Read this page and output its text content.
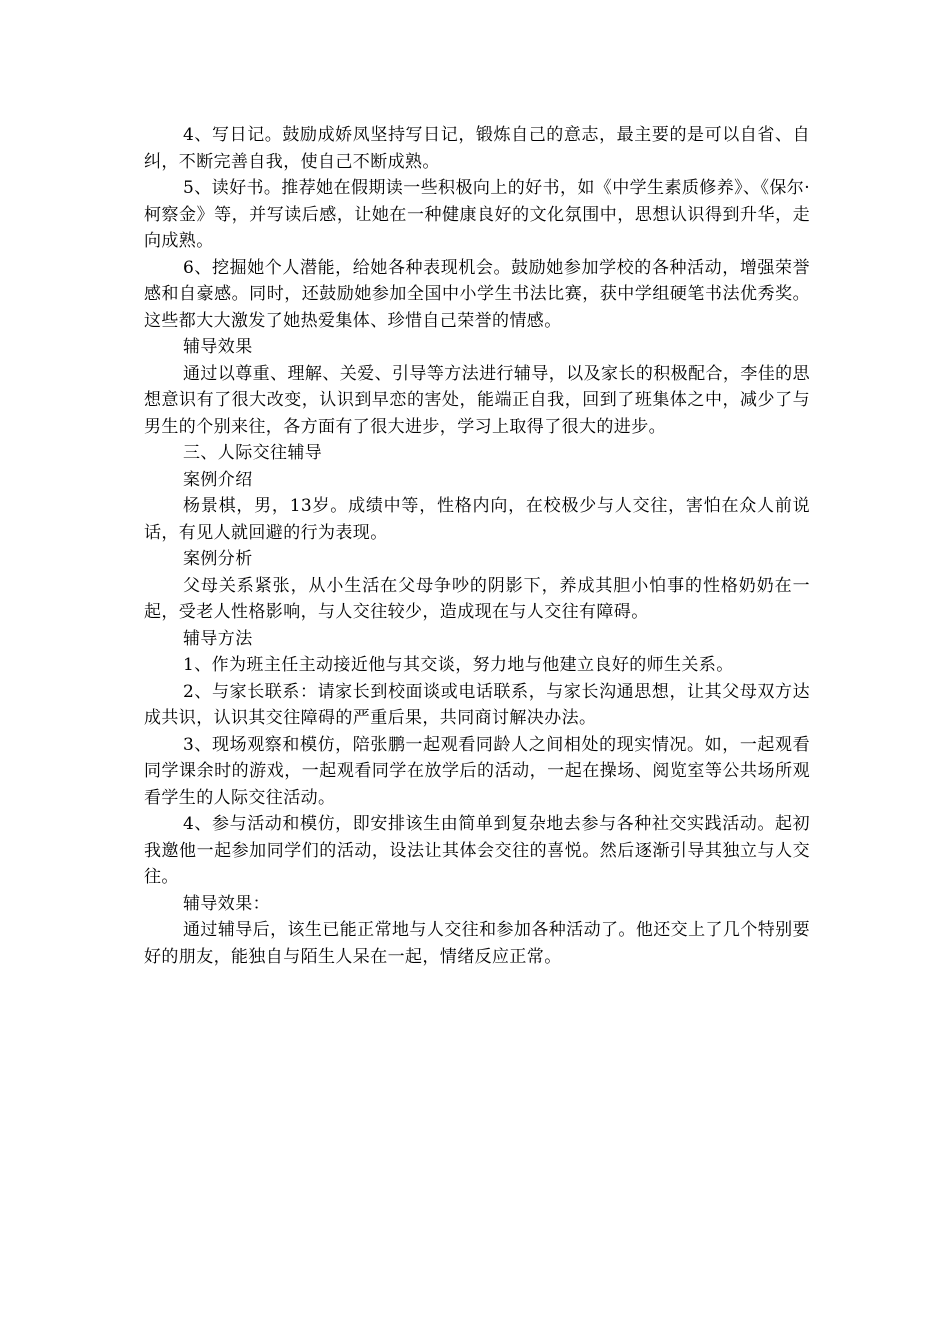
4、写日记。鼓励成娇凤坚持写日记，锻炼自己的意志，最主要的是可以自省、自纠，不断完善自我，使自己不断成熟。

5、读好书。推荐她在假期读一些积极向上的好书，如《中学生素质修养》、《保尔·柯察金》等，并写读后感，让她在一种健康良好的文化氛围中，思想认识得到升华，走向成熟。

6、挖掘她个人潜能，给她各种表现机会。鼓励她参加学校的各种活动，增强荣誉感和自豪感。同时，还鼓励她参加全国中小学生书法比赛，获中学组硬笔书法优秀奖。这些都大大激发了她热爱集体、珍惜自己荣誉的情感。

辅导效果

通过以尊重、理解、关爱、引导等方法进行辅导，以及家长的积极配合，李佳的思想意识有了很大改变，认识到早恋的害处，能端正自我，回到了班集体之中，减少了与男生的个别来往，各方面有了很大进步，学习上取得了很大的进步。

三、人际交往辅导

案例介绍

杨景棋，男，13岁。成绩中等，性格内向，在校极少与人交往，害怕在众人前说话，有见人就回避的行为表现。

案例分析

父母关系紧张，从小生活在父母争吵的阴影下，养成其胆小怕事的性格奶奶在一起，受老人性格影响，与人交往较少，造成现在与人交往有障碍。

辅导方法

1、作为班主任主动接近他与其交谈，努力地与他建立良好的师生关系。

2、与家长联系：请家长到校面谈或电话联系，与家长沟通思想，让其父母双方达成共识，认识其交往障碍的严重后果，共同商讨解决办法。

3、现场观察和模仿，陪张鹏一起观看同龄人之间相处的现实情况。如，一起观看同学课余时的游戏，一起观看同学在放学后的活动，一起在操场、阅览室等公共场所观看学生的人际交往活动。

4、参与活动和模仿，即安排该生由简单到复杂地去参与各种社交实践活动。起初我邀他一起参加同学们的活动，设法让其体会交往的喜悦。然后逐渐引导其独立与人交往。

辅导效果：

通过辅导后，该生已能正常地与人交往和参加各种活动了。他还交上了几个特别要好的朋友，能独自与陌生人呆在一起，情绪反应正常。
